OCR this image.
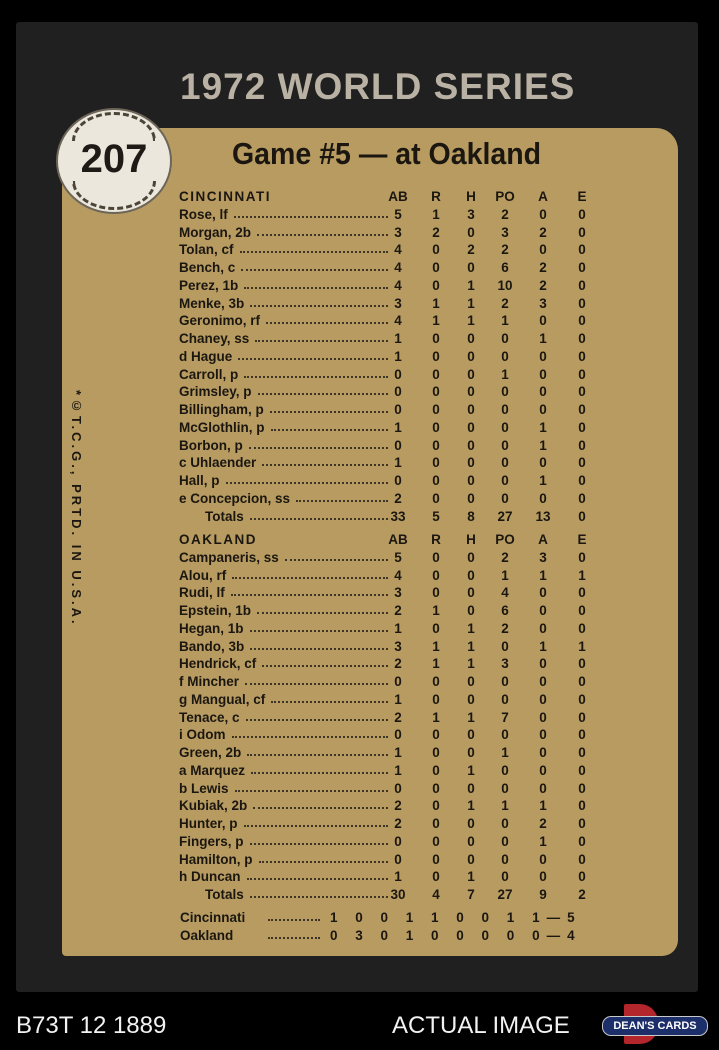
1972 WORLD SERIES
207	Game #5 — at Oakland
*©T.C.G., PRTD. IN U.S.A.
CINCINNATI	AB	R	H	PO	A	E
Rose, lf	5	1	3	2	0	0
Morgan, 2b	3	2	0	3	2	0
Tolan, cf	4	0	2	2	0	0
Bench, c	4	0	0	6	2	0
Perez, 1b	4	0	1	10	2	0
Menke, 3b	3	1	1	2	3	0
Geronimo, rf	4	1	1	1	0	0
Chaney, ss	1	0	0	0	1	0
d Hague	1	0	0	0	0	0
Carroll, p	0	0	0	1	0	0
Grimsley, p	0	0	0	0	0	0
Billingham, p	0	0	0	0	0	0
McGlothlin, p	1	0	0	0	1	0
Borbon, p	0	0	0	0	1	0
c Uhlaender	1	0	0	0	0	0
Hall, p	0	0	0	0	1	0
e Concepcion, ss	2	0	0	0	0	0
Totals	33	5	8	27	13	0
OAKLAND	AB	R	H	PO	A	E
Campaneris, ss	5	0	0	2	3	0
Alou, rf	4	0	0	1	1	1
Rudi, lf	3	0	0	4	0	0
Epstein, 1b	2	1	0	6	0	0
Hegan, 1b	1	0	1	2	0	0
Bando, 3b	3	1	1	0	1	1
Hendrick, cf	2	1	1	3	0	0
f Mincher	0	0	0	0	0	0
g Mangual, cf	1	0	0	0	0	0
Tenace, c	2	1	1	7	0	0
i Odom	0	0	0	0	0	0
Green, 2b	1	0	0	1	0	0
a Marquez	1	0	1	0	0	0
b Lewis	0	0	0	0	0	0
Kubiak, 2b	2	0	1	1	1	0
Hunter, p	2	0	0	0	2	0
Fingers, p	0	0	0	0	1	0
Hamilton, p	0	0	0	0	0	0
h Duncan	1	0	1	0	0	0
Totals	30	4	7	27	9	2
Cincinnati	1 0 0 1 1 0 0 1 1—5
Oakland	0 3 0 1 0 0 0 0 0—4
B73T 12 1889	ACTUAL IMAGE	DEAN'S CARDS
